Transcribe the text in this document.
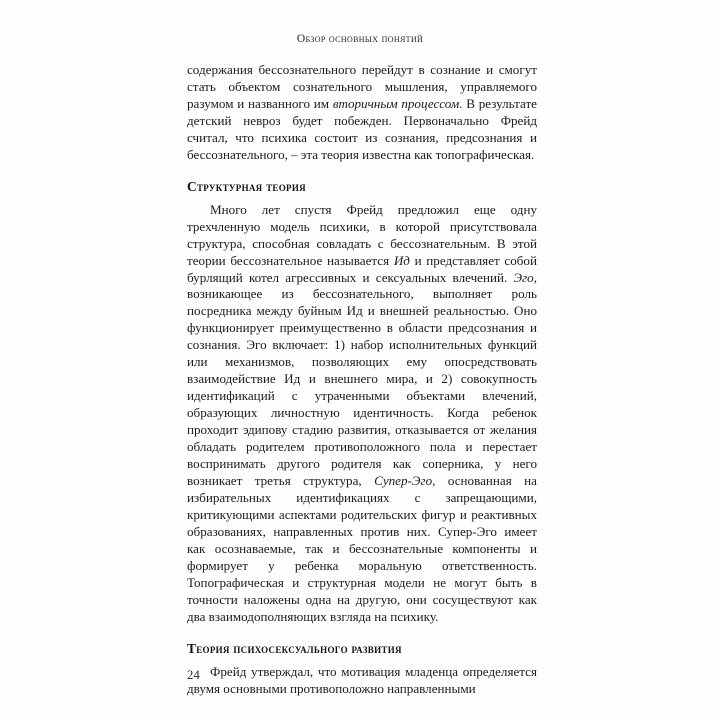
Обзор основных понятий

содержания бессознательного перейдут в сознание и смогут стать объектом сознательного мышления, управляемого разумом и названного им вторичным процессом. В результате детский невроз будет побежден. Первоначально Фрейд считал, что психика состоит из сознания, предсознания и бессознательного, – эта теория известна как топографическая.

Структурная теория

Много лет спустя Фрейд предложил еще одну трехчленную модель психики, в которой присутствовала структура, способная совладать с бессознательным. В этой теории бессознательное называется Ид и представляет собой бурлящий котел агрессивных и сексуальных влечений. Эго, возникающее из бессознательного, выполняет роль посредника между буйным Ид и внешней реальностью. Оно функционирует преимущественно в области предсознания и сознания. Эго включает: 1) набор исполнительных функций или механизмов, позволяющих ему опосредствовать взаимодействие Ид и внешнего мира, и 2) совокупность идентификаций с утраченными объектами влечений, образующих личностную идентичность. Когда ребенок проходит эдипову стадию развития, отказывается от желания обладать родителем противоположного пола и перестает воспринимать другого родителя как соперника, у него возникает третья структура, Супер-Эго, основанная на избирательных идентификациях с запрещающими, критикующими аспектами родительских фигур и реактивных образованиях, направленных против них. Супер-Эго имеет как осознаваемые, так и бессознательные компоненты и формирует у ребенка моральную ответственность. Топографическая и структурная модели не могут быть в точности наложены одна на другую, они сосуществуют как два взаимодополняющих взгляда на психику.

Теория психосексуального развития

Фрейд утверждал, что мотивация младенца определяется двумя основными противоположно направленными

24
